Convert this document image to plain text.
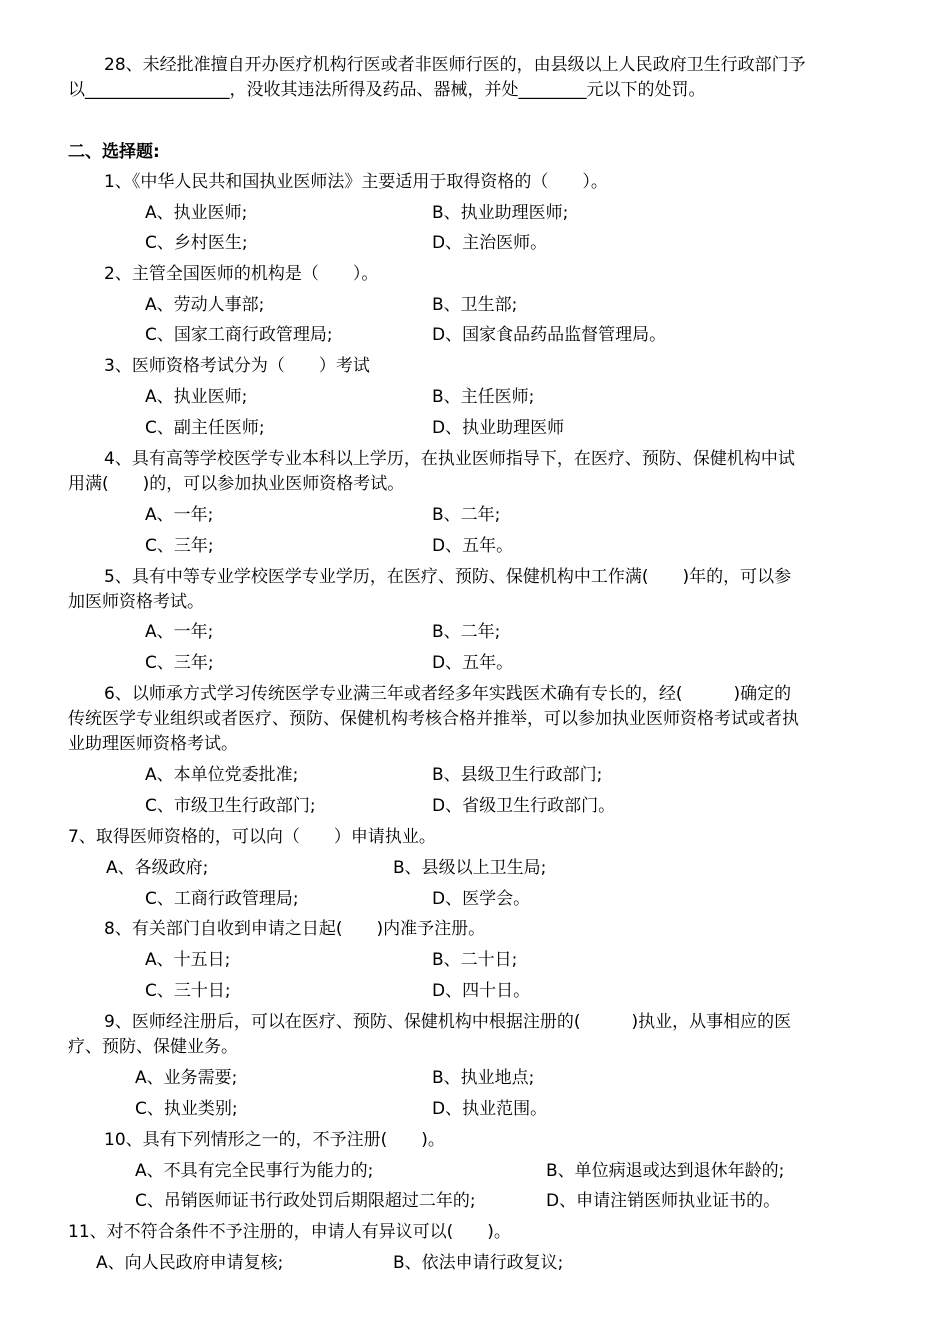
28、未经批准擅自开办医疗机构行医或者非医师行医的，由县级以上人民政府卫生行政部门予
以_________________，没收其违法所得及药品、器械，并处________元以下的处罚。
二、选择题:
1、《中华人民共和国执业医师法》主要适用于取得资格的（　　）。
A、执业医师;	B、执业助理医师;
C、乡村医生;	D、主治医师。
2、主管全国医师的机构是（　　）。
A、劳动人事部;	B、卫生部;
C、国家工商行政管理局;	D、国家食品药品监督管理局。
3、医师资格考试分为（　　）考试
A、执业医师;	B、主任医师;
C、副主任医师;	D、执业助理医师
4、具有高等学校医学专业本科以上学历，在执业医师指导下，在医疗、预防、保健机构中试
用满(　　)的，可以参加执业医师资格考试。
A、一年;	B、二年;
C、三年;	D、五年。
5、具有中等专业学校医学专业学历，在医疗、预防、保健机构中工作满(　　)年的，可以参
加医师资格考试。
A、一年;	B、二年;
C、三年;	D、五年。
6、以师承方式学习传统医学专业满三年或者经多年实践医术确有专长的，经(　　　)确定的
传统医学专业组织或者医疗、预防、保健机构考核合格并推举，可以参加执业医师资格考试或者执
业助理医师资格考试。
A、本单位党委批准;	B、县级卫生行政部门;
C、市级卫生行政部门;	D、省级卫生行政部门。
7、取得医师资格的，可以向（　　）申请执业。
A、各级政府;	B、县级以上卫生局;
C、工商行政管理局;	D、医学会。
8、有关部门自收到申请之日起(　　)内准予注册。
A、十五日;	B、二十日;
C、三十日;	D、四十日。
9、医师经注册后，可以在医疗、预防、保健机构中根据注册的(　　　)执业，从事相应的医
疗、预防、保健业务。
A、业务需要;	B、执业地点;
C、执业类别;	D、执业范围。
10、具有下列情形之一的，不予注册(　　)。
A、不具有完全民事行为能力的;	B、单位病退或达到退休年龄的;
C、吊销医师证书行政处罚后期限超过二年的;	D、申请注销医师执业证书的。
11、对不符合条件不予注册的，申请人有异议可以(　　)。
A、向人民政府申请复核;	B、依法申请行政复议;
